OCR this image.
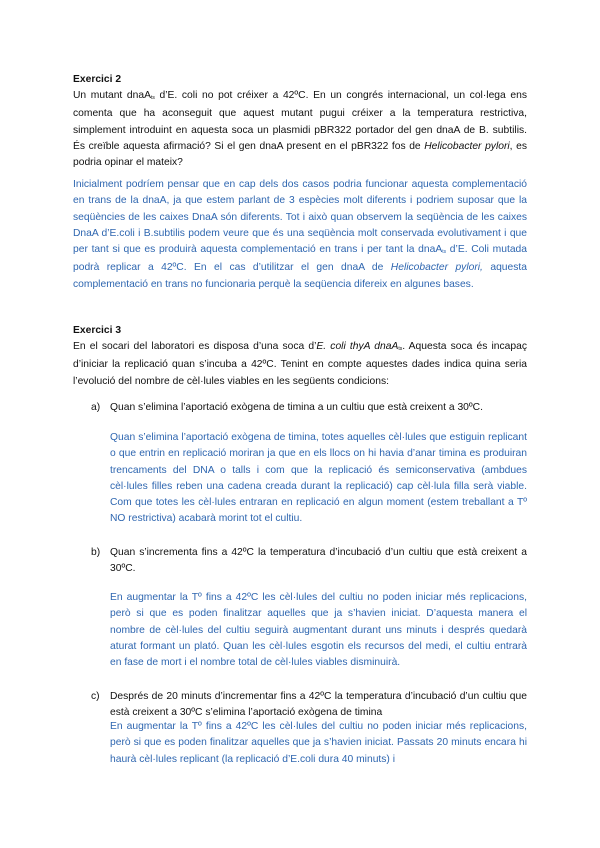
Exercici 2

Un mutant dnaA$_{ts}$ d’E. coli no pot créixer a 42ºC. En un congrés internacional, un col·lega ens comenta que ha aconseguit que aquest mutant pugui créixer a la temperatura restrictiva, simplement introduint en aquesta soca un plasmidi pBR322 portador del gen dnaA de B. subtilis. És creïble aquesta afirmació? Si el gen dnaA present en el pBR322 fos de Helicobacter pylori, es podria opinar el mateix?

Inicialment podríem pensar que en cap dels dos casos podria funcionar aquesta complementació en trans de la dnaA, ja que estem parlant de 3 espècies molt diferents i podriem suposar que la seqüències de les caixes DnaA són diferents. Tot i això quan observem la seqüència de les caixes DnaA d’E.coli i B.subtilis podem veure que és una seqüència molt conservada evolutivament i que per tant si que es produirà aquesta complementació en trans i per tant la dnaA$_{ts}$ d’E. Coli mutada podrà replicar a 42ºC. En el cas d’utilitzar el gen dnaA de Helicobacter pylori, aquesta complementació en trans no funcionaria perquè la seqüencia difereix en algunes bases.

Exercici 3

En el socari del laboratori es disposa d’una soca d’E. coli thyA dnaA$_{ts}$. Aquesta soca és incapaç d’iniciar la replicació quan s’incuba a 42ºC. Tenint en compte aquestes dades indica quina seria l’evolució del nombre de cèl·lules viables en les següents condicions:

a) Quan s’elimina l’aportació exògena de timina a un cultiu que està creixent a 30ºC.

Quan s’elimina l’aportació exògena de timina, totes aquelles cèl·lules que estiguin replicant o que entrin en replicació moriran ja que en els llocs on hi havia d’anar timina es produiran trencaments del DNA o talls i com que la replicació és semiconservativa (ambdues cèl·lules filles reben una cadena creada durant la replicació) cap cèl·lula filla serà viable. Com que totes les cèl·lules entraran en replicació en algun moment (estem treballant a Tº NO restrictiva) acabarà morint tot el cultiu.

b) Quan s’incrementa fins a 42ºC la temperatura d’incubació d’un cultiu que està creixent a 30ºC.

En augmentar la Tº fins a 42ºC les cèl·lules del cultiu no poden iniciar més replicacions, però si que es poden finalitzar aquelles que ja s’havien iniciat. D’aquesta manera el nombre de cèl·lules del cultiu seguirà augmentant durant uns minuts i després quedarà aturat formant un plató. Quan les cèl·lules esgotin els recursos del medi, el cultiu entrarà en fase de mort i el nombre total de cèl·lules viables disminuirà.

c)	Després de 20 minuts d’incrementar fins a 42ºC la temperatura d’incubació d’un cultiu que està creixent a 30ºC s’elimina l’aportació exògena de timina

En augmentar la Tº fins a 42ºC les cèl·lules del cultiu no poden iniciar més replicacions, però si que es poden finalitzar aquelles que ja s’havien iniciat. Passats 20 minuts encara hi haurà cèl·lules replicant (la replicació d’E.coli dura 40 minuts) i
